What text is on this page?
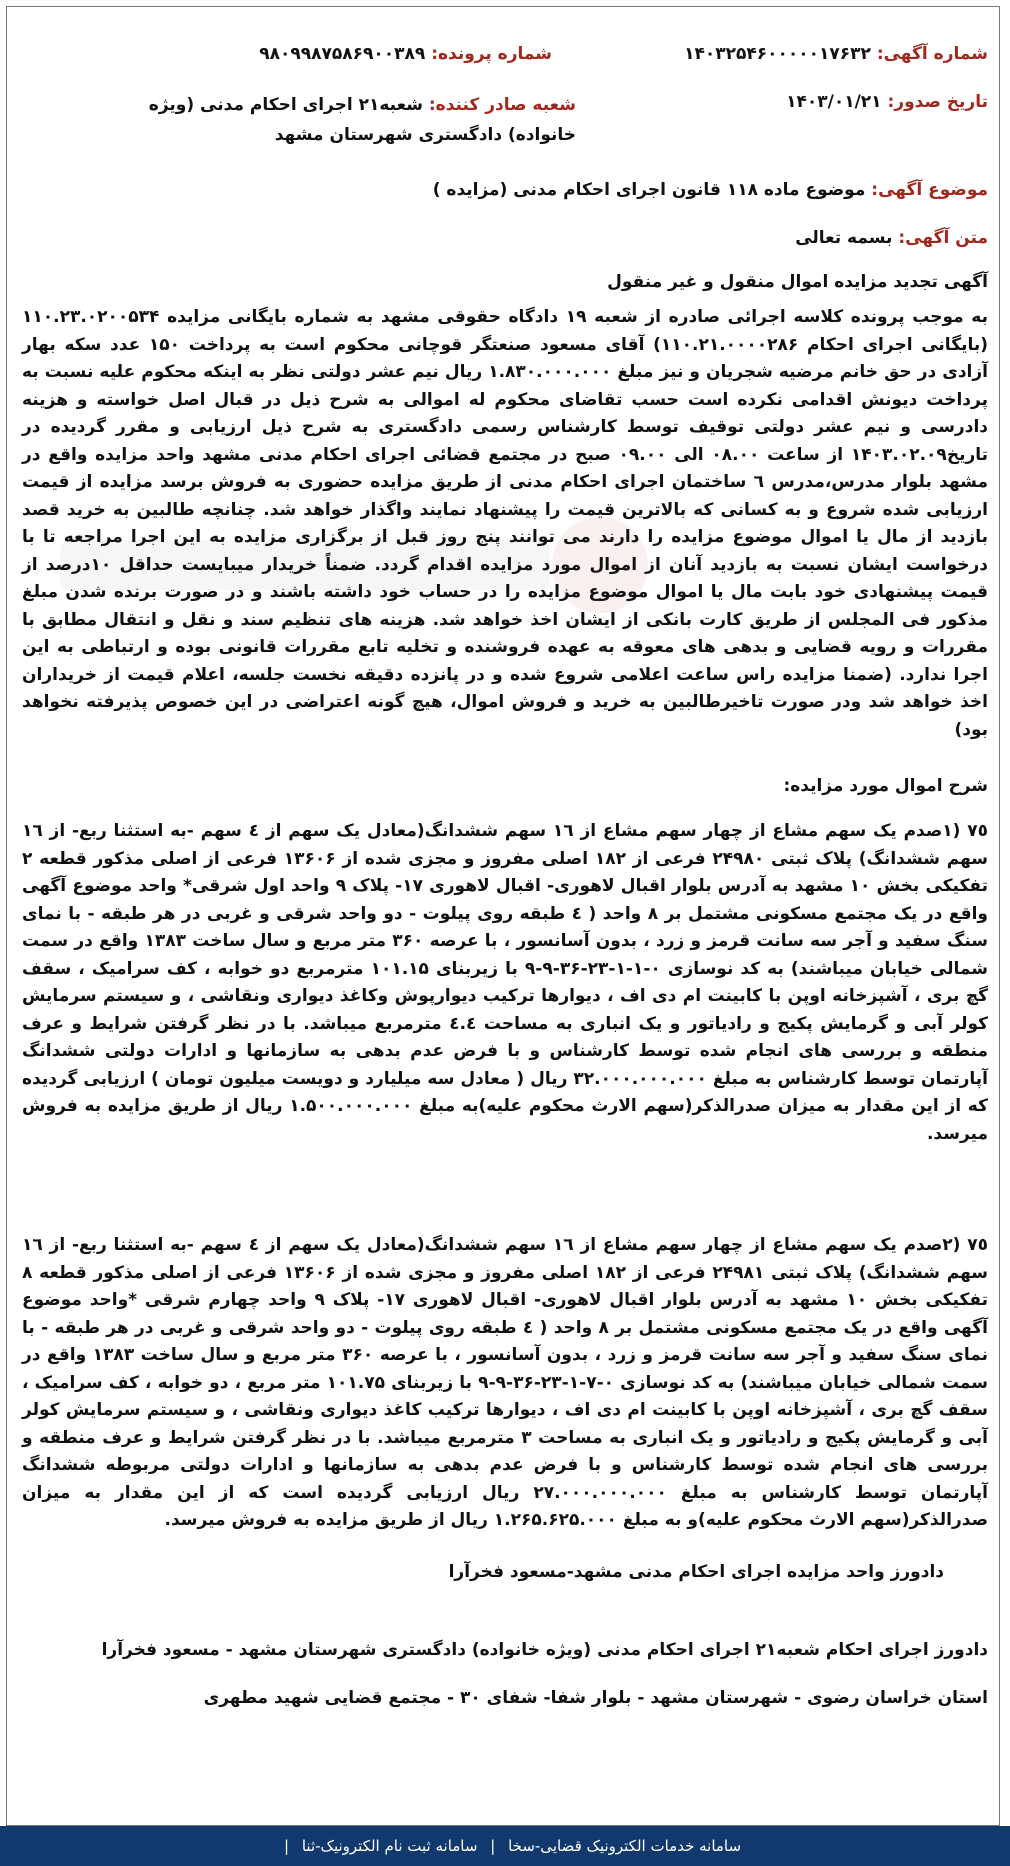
شماره آگهی: ۱۴۰۳۲۵۴۶۰۰۰۰۰۱۷۶۳۲
شماره پرونده: ۹۸۰۹۹۸۷۵۸۶۹۰۰۳۸۹
تاریخ صدور: ۱۴۰۳/۰۱/۲۱
شعبه صادر کننده: شعبه۲۱ اجرای احکام مدنی (ویژه خانواده) دادگستری شهرستان مشهد
موضوع آگهی: موضوع ماده ۱۱۸ قانون اجرای احکام مدنی (مزایده )
متن آگهی: بسمه تعالی
آگهی تجدید مزایده اموال منقول و غیر منقول

به موجب پرونده کلاسه اجرائی صادره از شعبه ۱۹ دادگاه حقوقی مشهد به شماره بایگانی مزایده ۱۱۰.۲۳.۰۲۰۰۵۳۴ (بایگانی اجرای احکام ۱۱۰.۲۱.۰۰۰۰۲۸۶) آقای مسعود صنعتگر قوچانی محکوم است به پرداخت ۱۵۰ عدد سکه بهار آزادی در حق خانم مرضیه شجریان و نیز مبلغ ۱.۸۳۰.۰۰۰.۰۰۰ ریال نیم عشر دولتی نظر به اینکه محکوم علیه نسبت به پرداخت دیونش اقدامی نکرده است حسب تقاضای محکوم له اموالی به شرح ذیل در قبال اصل خواسته و هزینه دادرسی و نیم عشر دولتی توقیف توسط کارشناس رسمی دادگستری به شرح ذیل ارزیابی و مقرر گردیده در تاریخ۱۴۰۳.۰۲.۰۹ از ساعت ۰۸.۰۰ الی ۰۹.۰۰ صبح در مجتمع قضائی اجرای احکام مدنی مشهد واحد مزایده واقع در مشهد بلوار مدرس،مدرس ٦ ساختمان اجرای احکام مدنی از طریق مزایده حضوری به فروش برسد مزایده از قیمت ارزیابی شده شروع و به کسانی که بالاترین قیمت را پیشنهاد نمایند واگذار خواهد شد. چنانچه طالبین به خرید قصد بازدید از مال یا اموال موضوع مزایده را دارند می توانند پنج روز قبل از برگزاری مزایده به این اجرا مراجعه تا با درخواست ایشان نسبت به بازدید آنان از اموال مورد مزایده اقدام گردد. ضمناً خریدار میبایست حداقل ۱۰درصد از قیمت پیشنهادی خود بابت مال یا اموال موضوع مزایده را در حساب خود داشته باشند و در صورت برنده شدن مبلغ مذکور فی المجلس از طریق کارت بانکی از ایشان اخذ خواهد شد. هزینه های تنظیم سند و نقل و انتقال مطابق با مقررات و رویه قضایی و بدهی های معوقه به عهده فروشنده و تخلیه تابع مقررات قانونی بوده و ارتباطی به این اجرا ندارد. (ضمنا مزایده راس ساعت اعلامی شروع شده و در پانزده دقیقه نخست جلسه، اعلام قیمت از خریداران اخذ خواهد شد ودر صورت تاخیرطالبین به خرید و فروش اموال، هیچ گونه اعتراضی در این خصوص پذیرفته نخواهد بود)

شرح اموال مورد مزایده:

٧٥ (۱صدم یک سهم مشاع از چهار سهم مشاع از ١٦ سهم ششدانگ(معادل یک سهم از ٤ سهم -به استثنا ربع- از ١٦ سهم ششدانگ) پلاک ثبتی ۲۴۹۸۰ فرعی از ۱۸۲ اصلی مفروز و مجزی شده از ۱۳۶۰۶ فرعی از اصلی مذکور قطعه ۲ تفکیکی بخش ۱۰ مشهد به آدرس بلوار اقبال لاهوری- اقبال لاهوری ۱۷- پلاک ۹ واحد اول شرقی* واحد موضوع آگهی واقع در یک مجتمع مسکونی مشتمل بر ۸ واحد ( ٤ طبقه روی پیلوت - دو واحد شرقی و غربی در هر طبقه - با نمای سنگ سفید و آجر سه سانت قرمز و زرد ، بدون آسانسور ، با عرصه ۳۶۰ متر مربع و سال ساخت ۱۳۸۳ واقع در سمت شمالی خیابان میباشند) به کد نوسازی ۰-۱-۱-۲۳-۳۶-۹-۹ با زیربنای ۱۰۱.۱۵ مترمربع دو خوابه ، کف سرامیک ، سقف گچ بری ، آشپزخانه اوپن با کابینت ام دی اف ، دیوارها ترکیب دیوارپوش وکاغذ دیواری ونقاشی ، و سیستم سرمایش کولر آبی و گرمایش پکیج و رادیاتور و یک انباری به مساحت ٤.٤ مترمربع میباشد. با در نظر گرفتن شرایط و عرف منطقه و بررسی های انجام شده توسط کارشناس و با فرض عدم بدهی به سازمانها و ادارات دولتی ششدانگ آپارتمان توسط کارشناس به مبلغ ۳۲.۰۰۰.۰۰۰.۰۰۰ ریال ( معادل سه میلیارد و دویست میلیون تومان ) ارزیابی گردیده که از این مقدار به میزان صدرالذکر(سهم الارث محکوم علیه)به مبلغ ۱.۵۰۰.۰۰۰.۰۰۰ ریال از طریق مزایده به فروش میرسد.

٧٥ (۲صدم یک سهم مشاع از چهار سهم مشاع از ١٦ سهم ششدانگ(معادل یک سهم از ٤ سهم -به استثنا ربع- از ١٦ سهم ششدانگ) پلاک ثبتی ۲۴۹۸۱ فرعی از ۱۸۲ اصلی مفروز و مجزی شده از ۱۳۶۰۶ فرعی از اصلی مذکور قطعه ۸ تفکیکی بخش ۱۰ مشهد به آدرس بلوار اقبال لاهوری- اقبال لاهوری ۱۷- پلاک ۹ واحد چهارم شرقی *واحد موضوع آگهی واقع در یک مجتمع مسکونی مشتمل بر ۸ واحد ( ٤ طبقه روی پیلوت - دو واحد شرقی و غربی در هر طبقه - با نمای سنگ سفید و آجر سه سانت قرمز و زرد ، بدون آسانسور ، با عرصه ۳۶۰ متر مربع و سال ساخت ۱۳۸۳ واقع در سمت شمالی خیابان میباشند) به کد نوسازی ۰-۷-۱-۲۳-۳۶-۹-۹ با زیربنای ۱۰۱.۷۵ متر مربع ، دو خوابه ، کف سرامیک ، سقف گچ بری ، آشپزخانه اوپن با کابینت ام دی اف ، دیوارها ترکیب کاغذ دیواری ونقاشی ، و سیستم سرمایش کولر آبی و گرمایش پکیج و رادیاتور و یک انباری به مساحت ۳ مترمربع میباشد. با در نظر گرفتن شرایط و عرف منطقه و بررسی های انجام شده توسط کارشناس و با فرض عدم بدهی به سازمانها و ادارات دولتی مربوطه ششدانگ آپارتمان توسط کارشناس به مبلغ ۲۷.۰۰۰.۰۰۰.۰۰۰ ریال ارزیابی گردیده است که از این مقدار به میزان صدرالذکر(سهم الارث محکوم علیه)و به مبلغ ۱.۲۶۵.۶۲۵.۰۰۰ ریال از طریق مزایده به فروش میرسد.

دادورز واحد مزایده اجرای احکام مدنی مشهد-مسعود فخرآرا
دادورز اجرای احکام شعبه۲۱ اجرای احکام مدنی (ویژه خانواده) دادگستری شهرستان مشهد - مسعود فخرآرا
استان خراسان رضوی - شهرستان مشهد - بلوار شفا- شفای ۳۰ - مجتمع قضایی شهید مطهری
سامانه خدمات الکترونیک قضایی-سخا | سامانه ثبت نام الکترونیک-ثنا |
